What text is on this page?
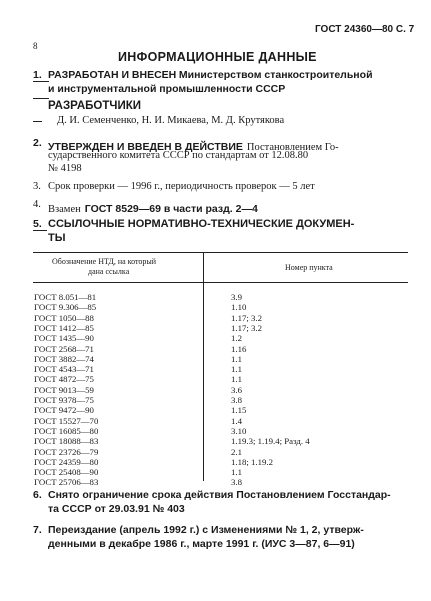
ГОСТ 24360—80 С. 7
8
ИНФОРМАЦИОННЫЕ ДАННЫЕ
1. РАЗРАБОТАН И ВНЕСЕН Министерством станкостроительной
и инструментальной промышленности СССР
РАЗРАБОТЧИКИ
Д. И. Семенченко, Н. И. Микаева, М. Д. Крутякова
2. УТВЕРЖДЕН И ВВЕДЕН В ДЕЙСТВИЕ Постановлением Го-
сударственного комитета СССР по стандартам от 12.08.80
№ 4198
3. Срок проверки — 1996 г., периодичность проверок — 5 лет
4. Взамен ГОСТ 8529—69 в части разд. 2—4
5. ССЫЛОЧНЫЕ НОРМАТИВНО-ТЕХНИЧЕСКИЕ ДОКУМЕН-
ТЫ
Обозначение НТД, на который
дана ссылка	Номер пункта
ГОСТ 8.051—81	3.9
ГОСТ 9.306—85	1.10
ГОСТ 1050—88	1.17; 3.2
ГОСТ 1412—85	1.17; 3.2
ГОСТ 1435—90	1.2
ГОСТ 2568—71	1.16
ГОСТ 3882—74	1.1
ГОСТ 4543—71	1.1
ГОСТ 4872—75	1.1
ГОСТ 9013—59	3.6
ГОСТ 9378—75	3.8
ГОСТ 9472—90	1.15
ГОСТ 15527—70	1.4
ГОСТ 16085—80	3.10
ГОСТ 18088—83	1.19.3; 1.19.4; Разд. 4
ГОСТ 23726—79	2.1
ГОСТ 24359—80	1.18; 1.19.2
ГОСТ 25408—90	1.1
ГОСТ 25706—83	3.8
6. Снято ограничение срока действия Постановлением Госстандар-
та СССР от 29.03.91 № 403
7. Переиздание (апрель 1992 г.) с Изменениями № 1, 2, утверж-
денными в декабре 1986 г., марте 1991 г. (ИУС 3—87, 6—91)
